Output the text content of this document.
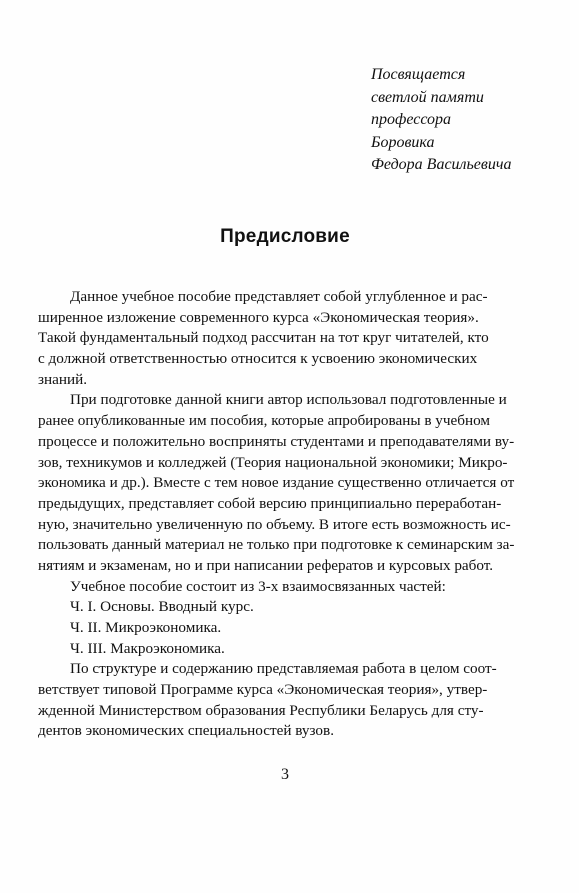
Посвящается
светлой памяти
профессора
Боровика
Федора Васильевича
Предисловие
Данное учебное пособие представляет собой углубленное и рас-
ширенное изложение современного курса «Экономическая теория».
Такой фундаментальный подход рассчитан на тот круг читателей, кто
с должной ответственностью относится к усвоению экономических
знаний.
При подготовке данной книги автор использовал подготовленные и
ранее опубликованные им пособия, которые апробированы в учебном
процессе и положительно восприняты студентами и преподавателями ву-
зов, техникумов и колледжей (Теория национальной экономики; Микро-
экономика и др.). Вместе с тем новое издание существенно отличается от
предыдущих, представляет собой версию принципиально переработан-
ную, значительно увеличенную по объему. В итоге есть возможность ис-
пользовать данный материал не только при подготовке к семинарским за-
нятиям и экзаменам, но и при написании рефератов и курсовых работ.
Учебное пособие состоит из 3-х взаимосвязанных частей:
Ч. I. Основы. Вводный курс.
Ч. II. Микроэкономика.
Ч. III. Макроэкономика.
По структуре и содержанию представляемая работа в целом соот-
ветствует типовой Программе курса «Экономическая теория», утвер-
жденной Министерством образования Республики Беларусь для сту-
дентов экономических специальностей вузов.
3
